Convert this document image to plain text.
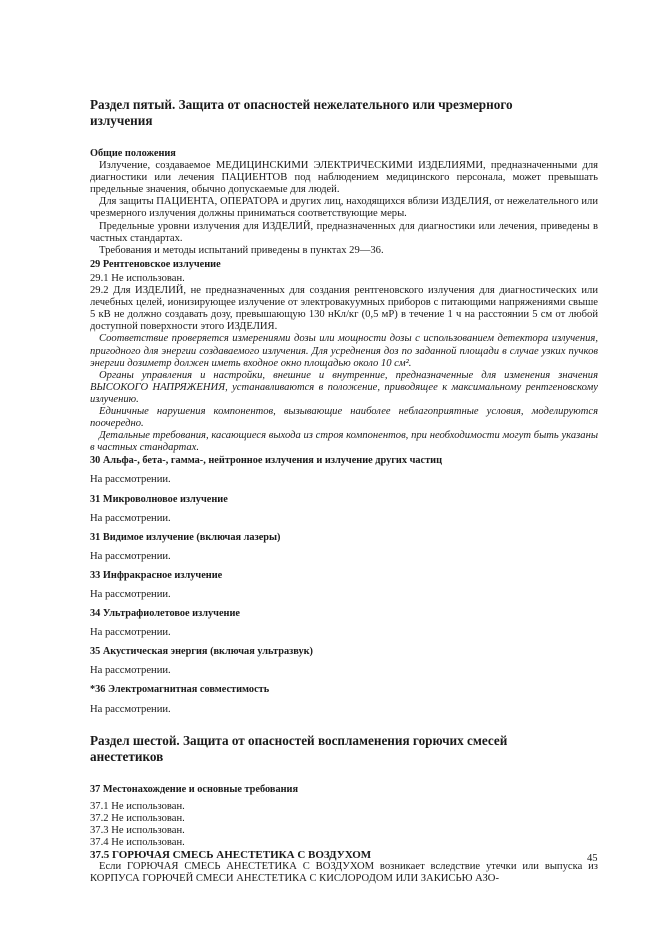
Раздел пятый. Защита от опасностей нежелательного или чрезмерного

излучения

Общие положения

Излучение, создаваемое МЕДИЦИНСКИМИ ЭЛЕКТРИЧЕСКИМИ ИЗДЕЛИЯМИ, предназначенными для диагностики или лечения ПАЦИЕНТОВ под наблюдением медицинского персонала, может превышать предельные значения, обычно допускаемые для людей.

Для защиты ПАЦИЕНТА, ОПЕРАТОРА и других лиц, находящихся вблизи ИЗДЕЛИЯ, от нежелательного или чрезмерного излучения должны приниматься соответствующие меры.

Предельные уровни излучения для ИЗДЕЛИЙ, предназначенных для диагностики или лечения, приведены в частных стандартах.

Требования и методы испытаний приведены в пунктах 29—36.

29 Рентгеновское излучение

29.1 Не использован.

29.2 Для ИЗДЕЛИЙ, не предназначенных для создания рентгеновского излучения для диагностических или лечебных целей, ионизирующее излучение от электровакуумных приборов с питающими напряжениями свыше 5 кВ не должно создавать дозу, превышающую 130 нКл/кг (0,5 мР) в течение 1 ч на расстоянии 5 см от любой доступной поверхности этого ИЗДЕЛИЯ.

Соответствие проверяется измерениями дозы или мощности дозы с использованием детектора излучения, пригодного для энергии создаваемого излучения. Для усреднения доз по заданной площади в случае узких пучков энергии дозиметр должен иметь входное окно площадью около 10 см².

Органы управления и настройки, внешние и внутренние, предназначенные для изменения значения ВЫСОКОГО НАПРЯЖЕНИЯ, устанавливаются в положение, приводящее к максимальному рентгеновскому излучению.

Единичные нарушения компонентов, вызывающие наиболее неблагоприятные условия, моделируются поочередно.

Детальные требования, касающиеся выхода из строя компонентов, при необходимости могут быть указаны в частных стандартах.

30 Альфа-, бета-, гамма-, нейтронное излучения и излучение других частиц

На рассмотрении.

31 Микроволновое излучение

На рассмотрении.

31 Видимое излучение (включая лазеры)

На рассмотрении.

33 Инфракрасное излучение

На рассмотрении.

34 Ультрафиолетовое излучение

На рассмотрении.

35 Акустическая энергия (включая ультразвук)

На рассмотрении.

*36 Электромагнитная совместимость

На рассмотрении.

Раздел шестой. Защита от опасностей воспламенения горючих смесей

анестетиков

37 Местонахождение и основные требования

37.1 Не использован.

37.2 Не использован.

37.3 Не использован.

37.4 Не использован.

37.5 ГОРЮЧАЯ СМЕСЬ АНЕСТЕТИКА С ВОЗДУХОМ

Если ГОРЮЧАЯ СМЕСЬ АНЕСТЕТИКА С ВОЗДУХОМ возникает вследствие утечки или выпуска из КОРПУСА ГОРЮЧЕЙ СМЕСИ АНЕСТЕТИКА С КИСЛОРОДОМ ИЛИ ЗАКИСЬЮ АЗО-

45
